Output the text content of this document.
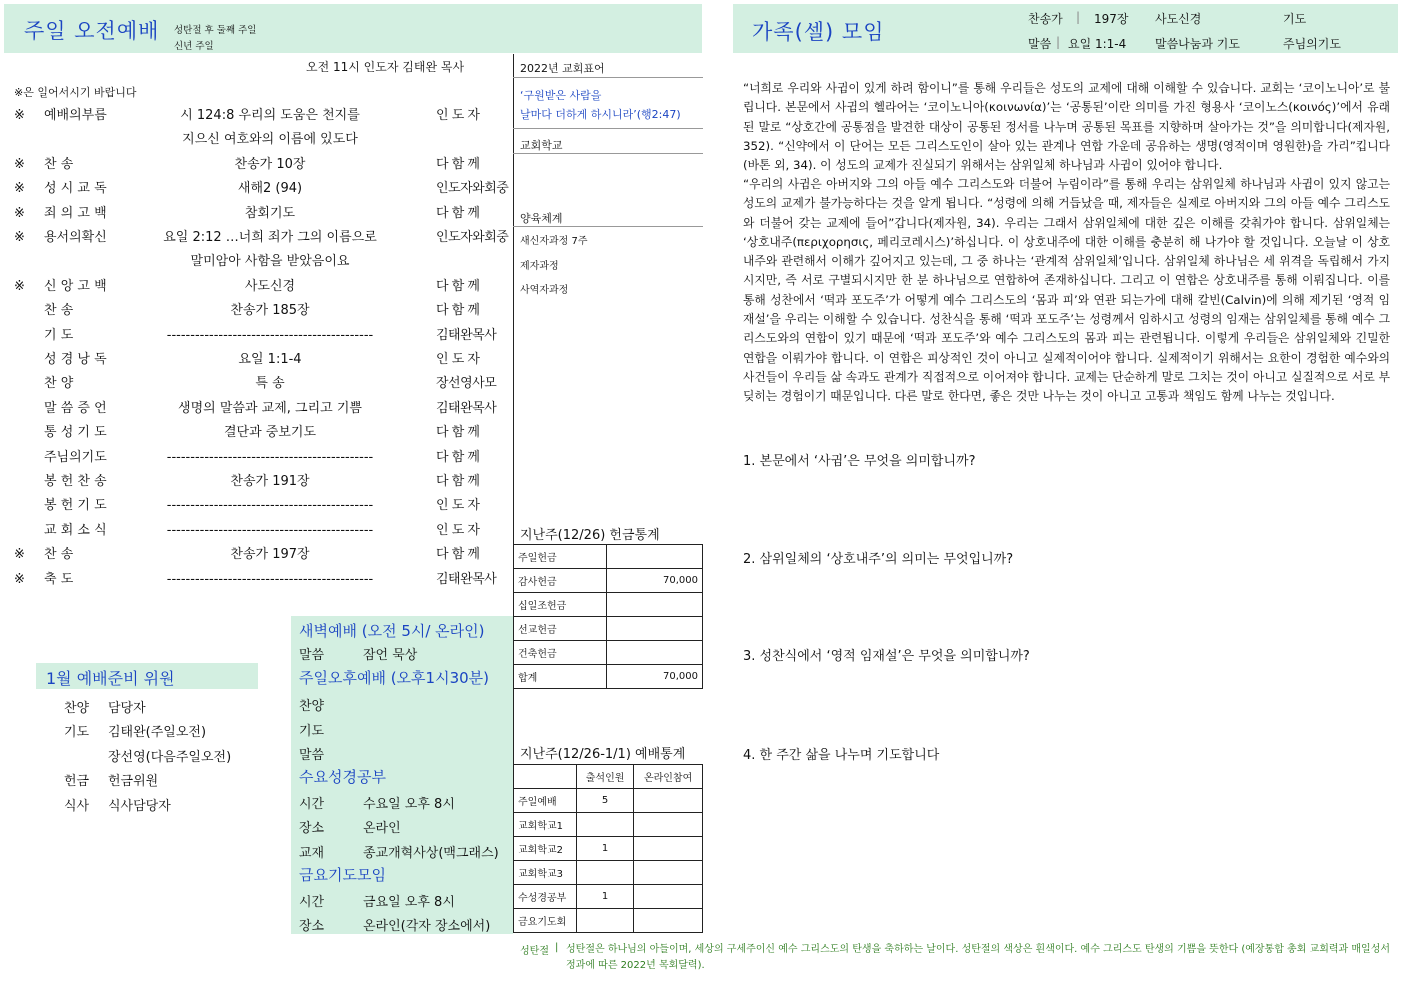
주일 오전예배 성탄절 후 둘째 주일
신년 주일
오전 11시 인도자 김태완 목사
※은 일어서시기 바랍니다
※ 예배의부름	시 124:8 우리의 도움은 천지를	인 도 자
지으신 여호와의 이름에 있도다
※ 찬 송	찬송가 10장	다 함 께
※ 성 시 교 독	새해2 (94)	인도자와회중
※ 죄 의 고 백	참회기도	다 함 께
※ 용서의확신	요일 2:12 …너희 죄가 그의 이름으로	인도자와회중
말미암아 사함을 받았음이요
※ 신 앙 고 백	사도신경	다 함 께
찬 송	찬송가 185장	다 함 께
기 도	--------------------------------------------	김태완목사
성 경 낭 독	요일 1:1-4	인 도 자
찬 양	특 송	장선영사모
말 씀 증 언	생명의 말씀과 교제, 그리고 기쁨	김태완목사
통 성 기 도	결단과 중보기도	다 함 께
주님의기도	--------------------------------------------	다 함 께
봉 헌 찬 송	찬송가 191장	다 함 께
봉 헌 기 도	--------------------------------------------	인 도 자
교 회 소 식	--------------------------------------------	인 도 자
※ 찬 송	찬송가 197장	다 함 께
※ 축 도	--------------------------------------------	김태완목사
2022년 교회표어
‘구원받은 사람을
날마다 더하게 하시니라’(행2:47)
교회학교
양육체계
새신자과정 7주
제자과정
사역자과정
지난주(12/26) 헌금통계
주일헌금	
감사헌금	70,000
십일조헌금	
선교헌금	
건축헌금	
합계	70,000
지난주(12/26-1/1) 예배통계
	출석인원	온라인참여
주일예배	5	
교회학교1		
교회학교2	1	
교회학교3		
수성경공부	1	
금요기도회		
1월 예배준비 위원
찬양 담당자
기도 김태완(주일오전)
장선영(다음주일오전)
헌금 헌금위원
식사 식사담당자
새벽예배 (오전 5시/ 온라인)
말씀	잠언 묵상
주일오후예배 (오후1시30분)
찬양
기도
말씀
수요성경공부
시간	수요일 오후 8시
장소	온라인
교재	종교개혁사상(맥그래스)
금요기도모임
시간	금요일 오후 8시
장소	온라인(각자 장소에서)
가족(셀) 모임
찬송가 | 197장 사도신경	기도
말씀 | 요일 1:1-4 말씀나눔과 기도	주님의기도
“너희로 우리와 사귐이 있게 하려 함이니”를 통해 우리들은 성도의 교제에 대해 이해할 수 있습니다. 교회는 ‘코이노니아’로 불립니다. 본문에서 사귐의 헬라어는 ‘코이노니아(κοινωνία)’는 ‘공통된’이란 의미를 가진 형용사 ‘코이노스(κοινός)’에서 유래된 말로 “상호간에 공통점을 발견한 대상이 공통된 정서를 나누며 공통된 목표를 지향하며 살아가는 것”을 의미합니다(제자원, 352). “신약에서 이 단어는 모든 그리스도인이 살아 있는 관계나 연합 가운데 공유하는 생명(영적이며 영원한)을 가리”킵니다(바톤 외, 34). 이 성도의 교제가 진실되기 위해서는 삼위일체 하나님과 사귐이 있어야 합니다.
“우리의 사귐은 아버지와 그의 아들 예수 그리스도와 더불어 누림이라”를 통해 우리는 삼위일체 하나님과 사귐이 있지 않고는 성도의 교제가 불가능하다는 것을 알게 됩니다. “성령에 의해 거듭났을 때, 제자들은 실제로 아버지와 그의 아들 예수 그리스도와 더불어 갖는 교제에 들어”갑니다(제자원, 34). 우리는 그래서 삼위일체에 대한 깊은 이해를 갖춰가야 합니다. 삼위일체는 ‘상호내주(περιχορησις, 페리코레시스)’하십니다. 이 상호내주에 대한 이해를 충분히 해 나가야 할 것입니다. 오늘날 이 상호내주와 관련해서 이해가 깊어지고 있는데, 그 중 하나는 ‘관계적 삼위일체’입니다. 삼위일체 하나님은 세 위격을 독립해서 가지시지만, 즉 서로 구별되시지만 한 분 하나님으로 연합하여 존재하십니다. 그리고 이 연합은 상호내주를 통해 이뤄집니다. 이를 통해 성찬에서 ‘떡과 포도주’가 어떻게 예수 그리스도의 ‘몸과 피’와 연관 되는가에 대해 칼빈(Calvin)에 의해 제기된 ‘영적 임재설’을 우리는 이해할 수 있습니다. 성찬식을 통해 ‘떡과 포도주’는 성령께서 임하시고 성령의 임재는 삼위일체를 통해 예수 그리스도와의 연합이 있기 때문에 ‘떡과 포도주’와 예수 그리스도의 몸과 피는 관련됩니다. 이렇게 우리들은 삼위일체와 긴밀한 연합을 이뤄가야 합니다. 이 연합은 피상적인 것이 아니고 실제적이어야 합니다. 실제적이기 위해서는 요한이 경험한 예수와의 사건들이 우리들 삶 속과도 관계가 직접적으로 이어져야 합니다. 교제는 단순하게 말로 그치는 것이 아니고 실질적으로 서로 부딪히는 경험이기 때문입니다. 다른 말로 한다면, 좋은 것만 나누는 것이 아니고 고통과 책임도 함께 나누는 것입니다.
1. 본문에서 ‘사귐’은 무엇을 의미합니까?
2. 삼위일체의 ‘상호내주’의 의미는 무엇입니까?
3. 성찬식에서 ‘영적 임재설’은 무엇을 의미합니까?
4. 한 주간 삶을 나누며 기도합니다
성탄절 | 성탄절은 하나님의 아들이며, 세상의 구세주이신 예수 그리스도의 탄생을 축하하는 날이다. 성탄절의 색상은 흰색이다. 예수 그리스도 탄생의 기쁨을 뜻한다 (예장통합 총회 교회력과 매일성서정과에 따른 2022년 목회달력).
